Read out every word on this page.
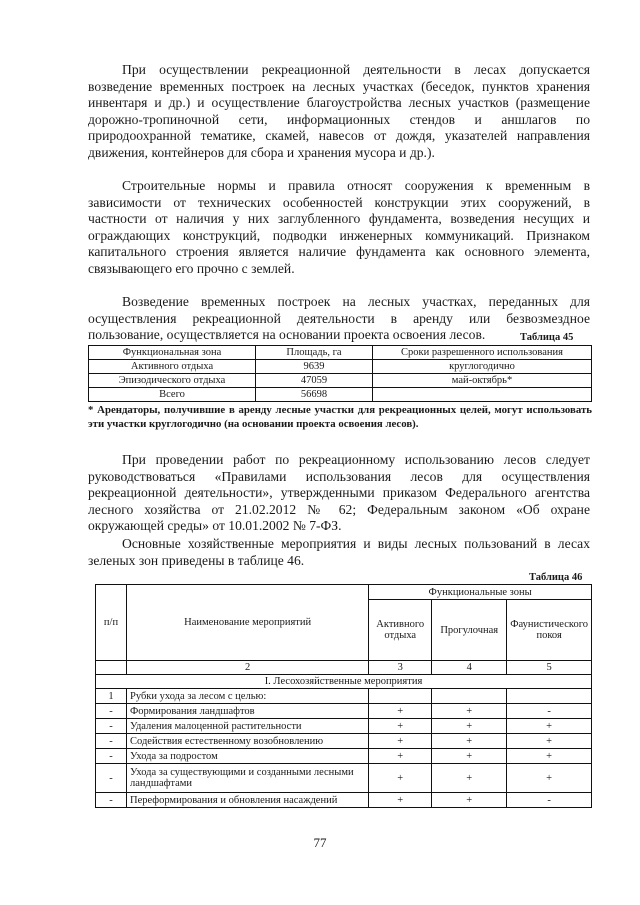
При осуществлении рекреационной деятельности в лесах допускается возведение временных построек на лесных участках (беседок, пунктов хранения инвентаря и др.) и осуществление благоустройства лесных участков (размещение дорожно-тропиночной сети, информационных стендов и аншлагов по природоохранной тематике, скамей, навесов от дождя, указателей направления движения, контейнеров для сбора и хранения мусора и др.).

Строительные нормы и правила относят сооружения к временным в зависимости от технических особенностей конструкции этих сооружений, в частности от наличия у них заглубленного фундамента, возведения несущих и ограждающих конструкций, подводки инженерных коммуникаций. Признаком капитального строения является наличие фундамента как основного элемента, связывающего его прочно с землей.

Возведение временных построек на лесных участках, переданных для осуществления рекреационной деятельности в аренду или безвозмездное пользование, осуществляется на основании проекта освоения лесов.	Таблица 45
Функциональная зона	Площадь, га	Сроки разрешенного использования
Активного отдыха	9639	круглогодично
Эпизодического отдыха	47059	май-октябрь*
Всего	56698	

* Арендаторы, получившие в аренду лесные участки для рекреационных целей, могут использовать эти участки круглогодично (на основании проекта освоения лесов).

При проведении работ по рекреационному использованию лесов следует руководствоваться «Правилами использования лесов для осуществления рекреационной деятельности», утвержденными приказом Федерального агентства лесного хозяйства от 21.02.2012 № 62; Федеральным законом «Об охране окружающей среды» от 10.01.2002 № 7-ФЗ.

Основные хозяйственные мероприятия и виды лесных пользований в лесах зеленых зон приведены в таблице 46.

Таблица 46
п/п	Наименование мероприятий	Функциональные зоны		
		Активного отдыха	Прогулочная	Фаунистического покоя
	2	3	4	5
I. Лесохозяйственные мероприятия				
1	Рубки ухода за лесом с целью:			
-	Формирования ландшафтов	+	+	-
-	Удаления малоценной растительности	+	+	+
-	Содействия естественному возобновлению	+	+	+
-	Ухода за подростом	+	+	+
-	Ухода за существующими и созданными лесными ландшафтами	+	+	+
-	Переформирования и обновления насаждений	+	+	-
77
